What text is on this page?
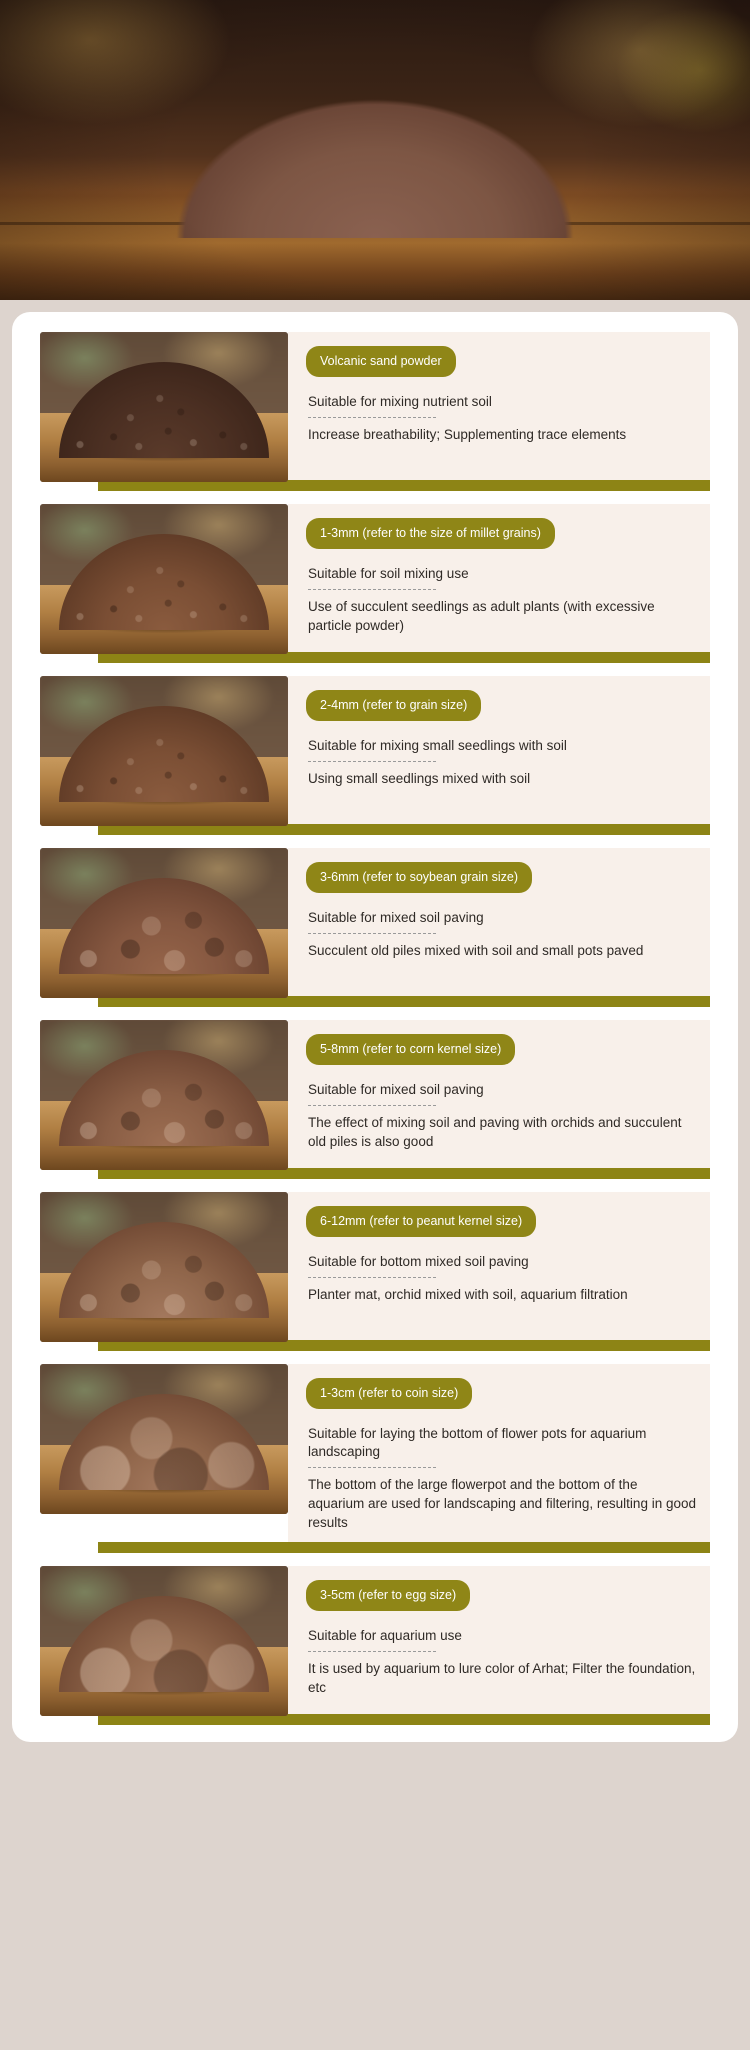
Volcanic sand powder

Suitable for mixing nutrient soil

Increase breathability; Supplementing trace elements

1-3mm (refer to the size of millet grains)

Suitable for soil mixing use

Use of succulent seedlings as adult plants (with excessive particle powder)

2-4mm (refer to grain size)

Suitable for mixing small seedlings with soil

Using small seedlings mixed with soil

3-6mm (refer to soybean grain size)

Suitable for mixed soil paving

Succulent old piles mixed with soil and small pots paved

5-8mm (refer to corn kernel size)

Suitable for mixed soil paving

The effect of mixing soil and paving with orchids and succulent old piles is also good

6-12mm (refer to peanut kernel size)

Suitable for bottom mixed soil paving

Planter mat, orchid mixed with soil, aquarium filtration

1-3cm (refer to coin size)

Suitable for laying the bottom of flower pots for aquarium landscaping

The bottom of the large flowerpot and the bottom of the aquarium are used for landscaping and filtering, resulting in good results

3-5cm (refer to egg size)

Suitable for aquarium use

It is used by aquarium to lure color of Arhat; Filter the foundation, etc
